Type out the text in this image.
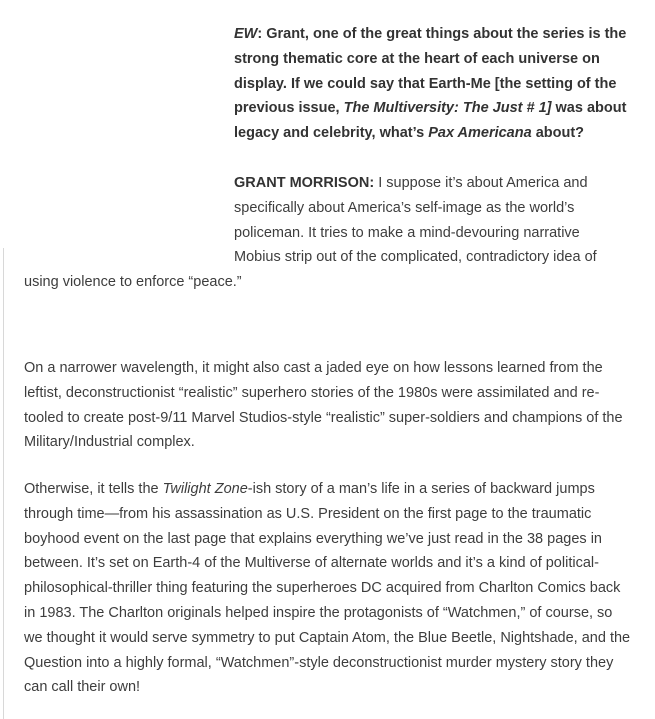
EW: Grant, one of the great things about the series is the strong thematic core at the heart of each universe on display. If we could say that Earth-Me [the setting of the previous issue, The Multiversity: The Just # 1] was about legacy and celebrity, what’s Pax Americana about?
GRANT MORRISON: I suppose it’s about America and
specifically about America’s self-image as the world’s
policeman. It tries to make a mind-devouring narrative
Mobius strip out of the complicated, contradictory idea of
using violence to enforce “peace.”

On a narrower wavelength, it might also cast a jaded eye on how lessons learned from the leftist, deconstructionist “realistic” superhero stories of the 1980s were assimilated and re-tooled to create post-9/11 Marvel Studios-style “realistic” super-soldiers and champions of the Military/Industrial complex.

Otherwise, it tells the Twilight Zone-ish story of a man’s life in a series of backward jumps through time—from his assassination as U.S. President on the first page to the traumatic boyhood event on the last page that explains everything we’ve just read in the 38 pages in between. It’s set on Earth-4 of the Multiverse of alternate worlds and it’s a kind of political-philosophical-thriller thing featuring the superheroes DC acquired from Charlton Comics back in 1983. The Charlton originals helped inspire the protagonists of “Watchmen,” of course, so we thought it would serve symmetry to put Captain Atom, the Blue Beetle, Nightshade, and the Question into a highly formal, “Watchmen”-style deconstructionist murder mystery story they can call their own!
